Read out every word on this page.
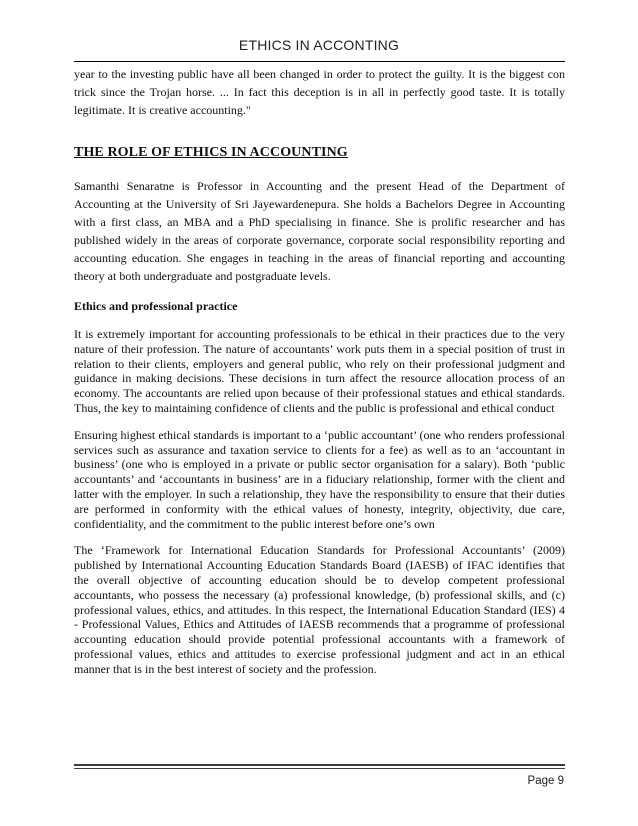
ETHICS IN ACCONTING

year to the investing public have all been changed in order to protect the guilty. It is the biggest con trick since the Trojan horse. ... In fact this deception is in all in perfectly good taste. It is totally legitimate. It is creative accounting."

THE ROLE OF ETHICS IN ACCOUNTING

Samanthi Senaratne is Professor in Accounting and the present Head of the Department of Accounting at the University of Sri Jayewardenepura. She holds a Bachelors Degree in Accounting with a first class, an MBA and a PhD specialising in finance. She is prolific researcher and has published widely in the areas of corporate governance, corporate social responsibility reporting and accounting education. She engages in teaching in the areas of financial reporting and accounting theory at both undergraduate and postgraduate levels.

Ethics and professional practice

It is extremely important for accounting professionals to be ethical in their practices due to the very nature of their profession. The nature of accountants’ work puts them in a special position of trust in relation to their clients, employers and general public, who rely on their professional judgment and guidance in making decisions. These decisions in turn affect the resource allocation process of an economy. The accountants are relied upon because of their professional statues and ethical standards. Thus, the key to maintaining confidence of clients and the public is professional and ethical conduct

Ensuring highest ethical standards is important to a ‘public accountant’ (one who renders professional services such as assurance and taxation service to clients for a fee) as well as to an ‘accountant in business’ (one who is employed in a private or public sector organisation for a salary). Both ‘public accountants’ and ‘accountants in business’ are in a fiduciary relationship, former with the client and latter with the employer. In such a relationship, they have the responsibility to ensure that their duties are performed in conformity with the ethical values of honesty, integrity, objectivity, due care, confidentiality, and the commitment to the public interest before one’s own

The ‘Framework for International Education Standards for Professional Accountants’ (2009) published by International Accounting Education Standards Board (IAESB) of IFAC identifies that the overall objective of accounting education should be to develop competent professional accountants, who possess the necessary (a) professional knowledge, (b) professional skills, and (c) professional values, ethics, and attitudes. In this respect, the International Education Standard (IES) 4 - Professional Values, Ethics and Attitudes of IAESB recommends that a programme of professional accounting education should provide potential professional accountants with a framework of professional values, ethics and attitudes to exercise professional judgment and act in an ethical manner that is in the best interest of society and the profession.

Page 9
